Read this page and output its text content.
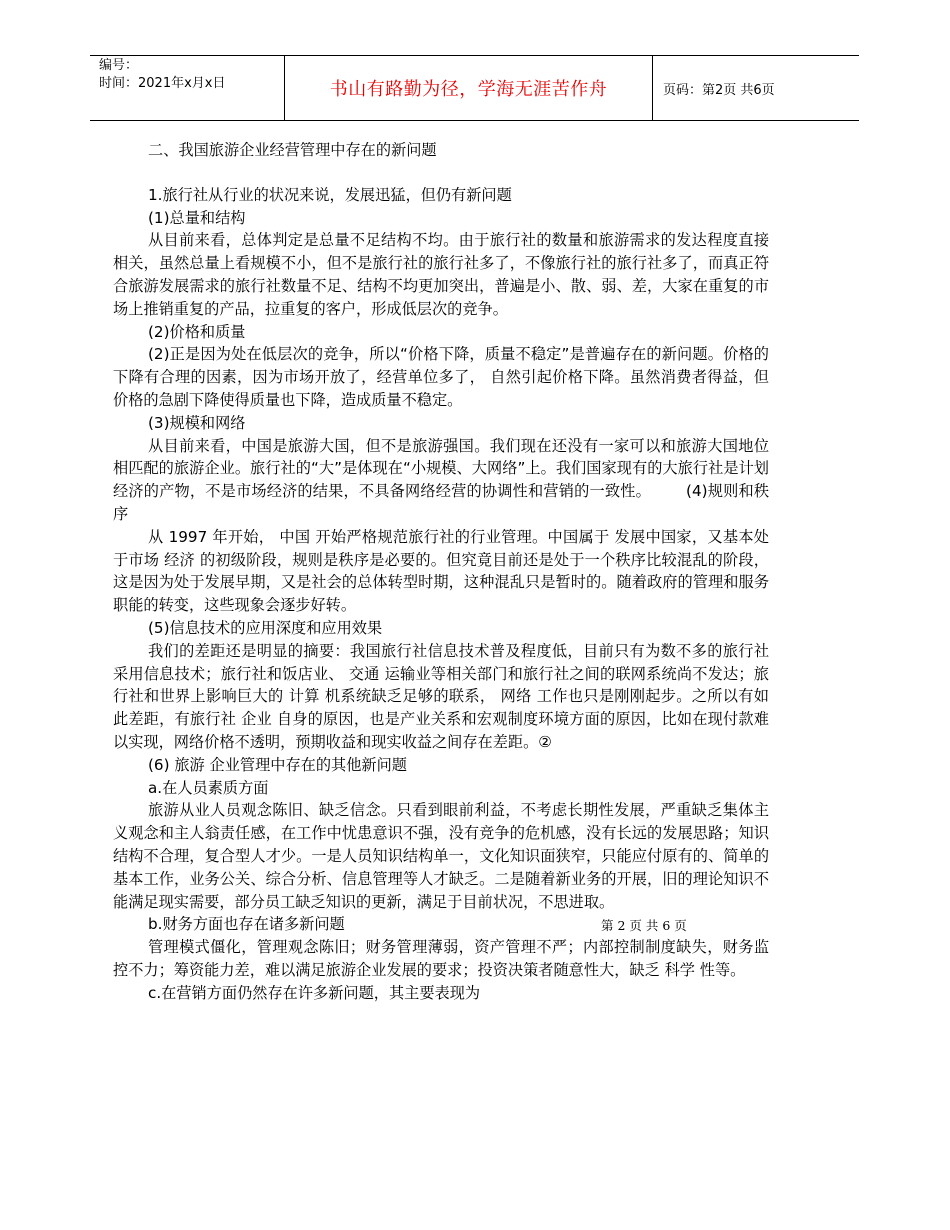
编号：
时间：2021年x月x日	书山有路勤为径，学海无涯苦作舟	页码：第2页 共6页

二、我国旅游企业经营管理中存在的新问题

1.旅行社从行业的状况来说，发展迅猛，但仍有新问题

(1)总量和结构

从目前来看，总体判定是总量不足结构不均。由于旅行社的数量和旅游需求的发达程度直接相关，虽然总量上看规模不小，但不是旅行社的旅行社多了，不像旅行社的旅行社多了，而真正符合旅游发展需求的旅行社数量不足、结构不均更加突出，普遍是小、散、弱、差，大家在重复的市场上推销重复的产品，拉重复的客户，形成低层次的竞争。

(2)价格和质量

(2)正是因为处在低层次的竞争，所以“价格下降，质量不稳定”是普遍存在的新问题。价格的下降有合理的因素，因为市场开放了，经营单位多了， 自然引起价格下降。虽然消费者得益，但价格的急剧下降使得质量也下降，造成质量不稳定。

(3)规模和网络

从目前来看，中国是旅游大国，但不是旅游强国。我们现在还没有一家可以和旅游大国地位相匹配的旅游企业。旅行社的“大”是体现在“小规模、大网络”上。我们国家现有的大旅行社是计划经济的产物，不是市场经济的结果，不具备网络经营的协调性和营销的一致性。 (4)规则和秩序

从 1997 年开始， 中国 开始严格规范旅行社的行业管理。中国属于 发展中国家，又基本处于市场 经济 的初级阶段，规则是秩序是必要的。但究竟目前还是处于一个秩序比较混乱的阶段，这是因为处于发展早期，又是社会的总体转型时期，这种混乱只是暂时的。随着政府的管理和服务职能的转变，这些现象会逐步好转。

(5)信息技术的应用深度和应用效果

我们的差距还是明显的摘要：我国旅行社信息技术普及程度低，目前只有为数不多的旅行社采用信息技术；旅行社和饭店业、 交通 运输业等相关部门和旅行社之间的联网系统尚不发达；旅行社和世界上影响巨大的 计算 机系统缺乏足够的联系， 网络 工作也只是刚刚起步。之所以有如此差距，有旅行社 企业 自身的原因，也是产业关系和宏观制度环境方面的原因，比如在现付款难以实现，网络价格不透明，预期收益和现实收益之间存在差距。②

(6) 旅游 企业管理中存在的其他新问题

a.在人员素质方面

旅游从业人员观念陈旧、缺乏信念。只看到眼前利益，不考虑长期性发展，严重缺乏集体主义观念和主人翁责任感，在工作中忧患意识不强，没有竞争的危机感，没有长远的发展思路；知识结构不合理，复合型人才少。一是人员知识结构单一，文化知识面狭窄，只能应付原有的、简单的基本工作，业务公关、综合分析、信息管理等人才缺乏。二是随着新业务的开展，旧的理论知识不能满足现实需要，部分员工缺乏知识的更新，满足于目前状况，不思进取。

b.财务方面也存在诸多新问题	第 2 页 共 6 页

管理模式僵化，管理观念陈旧；财务管理薄弱，资产管理不严；内部控制制度缺失，财务监控不力；筹资能力差，难以满足旅游企业发展的要求；投资决策者随意性大，缺乏 科学 性等。

c.在营销方面仍然存在许多新问题，其主要表现为
